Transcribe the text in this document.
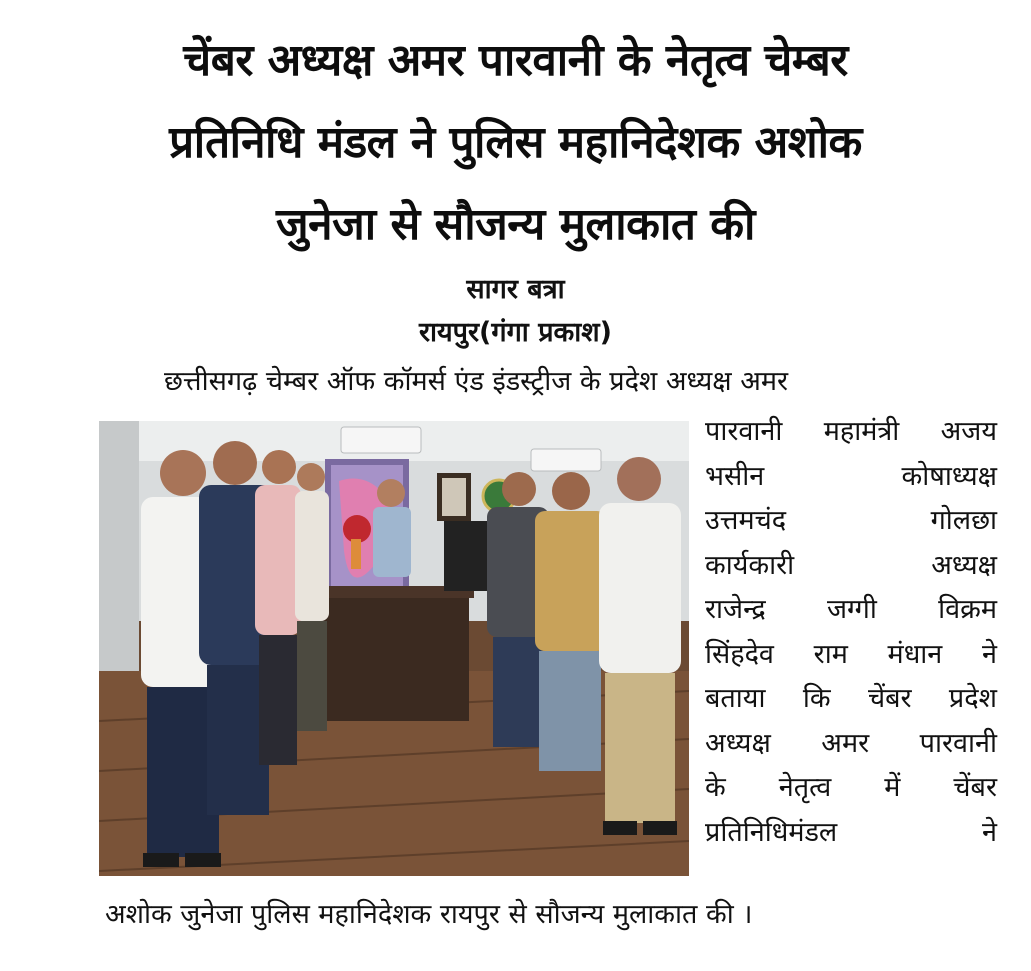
चेंबर अध्यक्ष अमर पारवानी के नेतृत्व चेम्बर
प्रतिनिधि मंडल ने पुलिस महानिदेशक अशोक
जुनेजा से सौजन्य मुलाकात की
सागर बत्रा
रायपुर(गंगा प्रकाश)
छत्तीसगढ़ चेम्बर ऑफ कॉमर्स एंड इंडस्ट्रीज के प्रदेश अध्यक्ष अमर
पारवानी महामंत्री अजय
भसीन कोषाध्यक्ष
उत्तमचंद गोलछा
कार्यकारी अध्यक्ष
राजेन्द्र जग्गी विक्रम
सिंहदेव राम मंधान ने
बताया कि चेंबर प्रदेश
अध्यक्ष अमर पारवानी
के नेतृत्व में चेंबर
प्रतिनिधिमंडल ने
अशोक जुनेजा पुलिस महानिदेशक रायपुर से सौजन्य मुलाकात की ।
